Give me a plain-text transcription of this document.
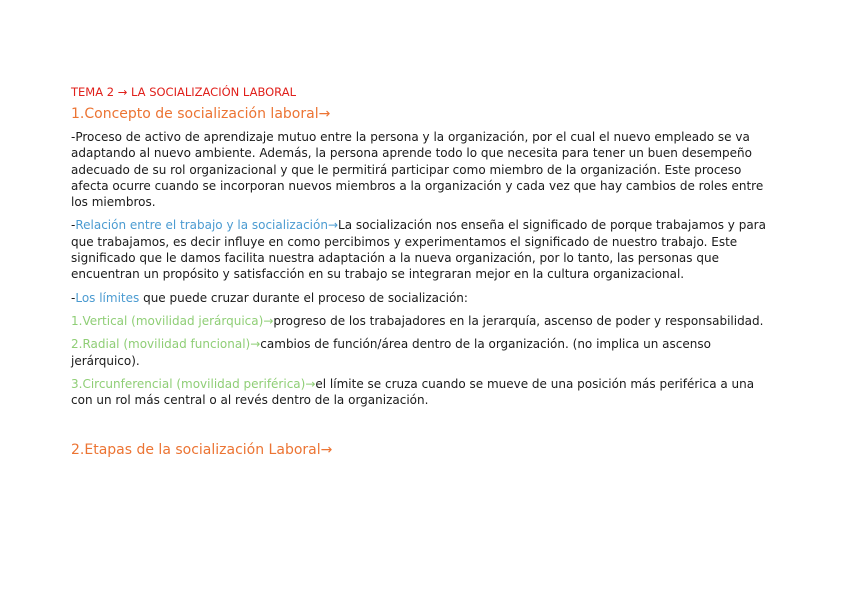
TEMA 2 → LA SOCIALIZACIÓN LABORAL
1.Concepto de socialización laboral→

-Proceso de activo de aprendizaje mutuo entre la persona y la organización, por el cual el nuevo empleado se va adaptando al nuevo ambiente. Además, la persona aprende todo lo que necesita para tener un buen desempeño adecuado de su rol organizacional y que le permitirá participar como miembro de la organización. Este proceso afecta ocurre cuando se incorporan nuevos miembros a la organización y cada vez que hay cambios de roles entre los miembros.

-Relación entre el trabajo y la socialización→La socialización nos enseña el significado de porque trabajamos y para que trabajamos, es decir influye en como percibimos y experimentamos el significado de nuestro trabajo. Este significado que le damos facilita nuestra adaptación a la nueva organización, por lo tanto, las personas que encuentran un propósito y satisfacción en su trabajo se integraran mejor en la cultura organizacional.

-Los límites que puede cruzar durante el proceso de socialización:

1.Vertical (movilidad jerárquica)→progreso de los trabajadores en la jerarquía, ascenso de poder y responsabilidad.

2.Radial (movilidad funcional)→cambios de función/área dentro de la organización. (no implica un ascenso jerárquico).

3.Circunferencial (movilidad periférica)→el límite se cruza cuando se mueve de una posición más periférica a una con un rol más central o al revés dentro de la organización.

2.Etapas de la socialización Laboral→
